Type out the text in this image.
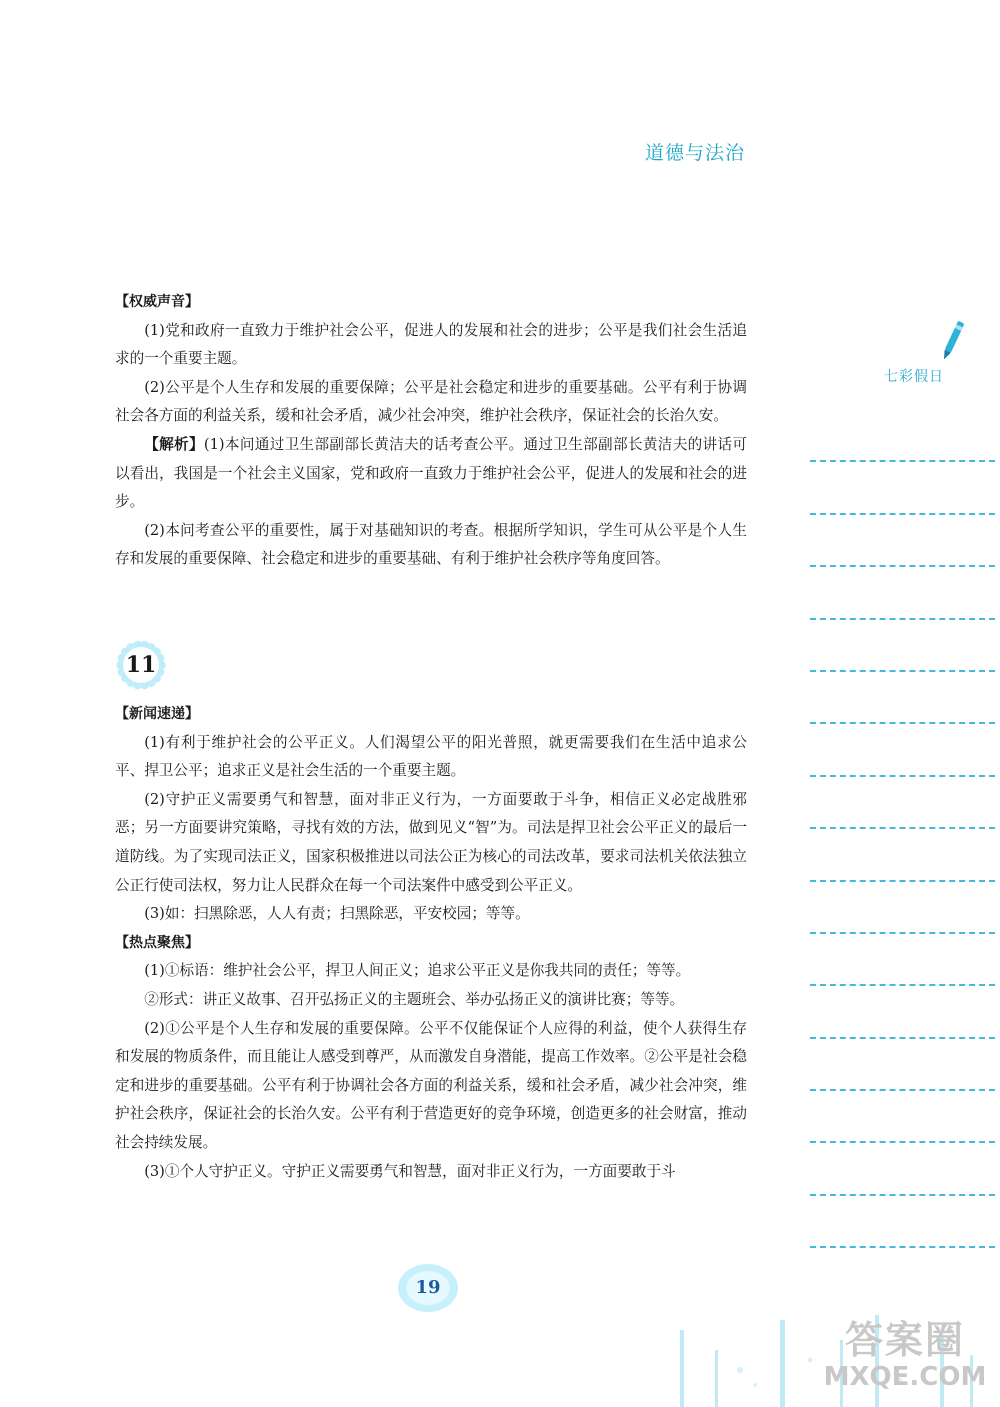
道德与法治
七彩假日

【权威声音】

(1)党和政府一直致力于维护社会公平，促进人的发展和社会的进步；公平是我们社会生活追求的一个重要主题。

(2)公平是个人生存和发展的重要保障；公平是社会稳定和进步的重要基础。公平有利于协调社会各方面的利益关系，缓和社会矛盾，减少社会冲突，维护社会秩序，保证社会的长治久安。

【解析】(1)本问通过卫生部副部长黄洁夫的话考查公平。通过卫生部副部长黄洁夫的讲话可以看出，我国是一个社会主义国家，党和政府一直致力于维护社会公平，促进人的发展和社会的进步。

(2)本问考查公平的重要性，属于对基础知识的考查。根据所学知识，学生可从公平是个人生存和发展的重要保障、社会稳定和进步的重要基础、有利于维护社会秩序等角度回答。

11

【新闻速递】

(1)有利于维护社会的公平正义。人们渴望公平的阳光普照，就更需要我们在生活中追求公平、捍卫公平；追求正义是社会生活的一个重要主题。

(2)守护正义需要勇气和智慧，面对非正义行为，一方面要敢于斗争，相信正义必定战胜邪恶；另一方面要讲究策略，寻找有效的方法，做到见义“智”为。司法是捍卫社会公平正义的最后一道防线。为了实现司法正义，国家积极推进以司法公正为核心的司法改革，要求司法机关依法独立公正行使司法权，努力让人民群众在每一个司法案件中感受到公平正义。

(3)如：扫黑除恶，人人有责；扫黑除恶，平安校园；等等。

【热点聚焦】

(1)①标语：维护社会公平，捍卫人间正义；追求公平正义是你我共同的责任；等等。

②形式：讲正义故事、召开弘扬正义的主题班会、举办弘扬正义的演讲比赛；等等。

(2)①公平是个人生存和发展的重要保障。公平不仅能保证个人应得的利益，使个人获得生存和发展的物质条件，而且能让人感受到尊严，从而激发自身潜能，提高工作效率。②公平是社会稳定和进步的重要基础。公平有利于协调社会各方面的利益关系，缓和社会矛盾，减少社会冲突，维护社会秩序，保证社会的长治久安。公平有利于营造更好的竞争环境，创造更多的社会财富，推动社会持续发展。

(3)①个人守护正义。守护正义需要勇气和智慧，面对非正义行为，一方面要敢于斗

19
答案圈
MXQE.COM
